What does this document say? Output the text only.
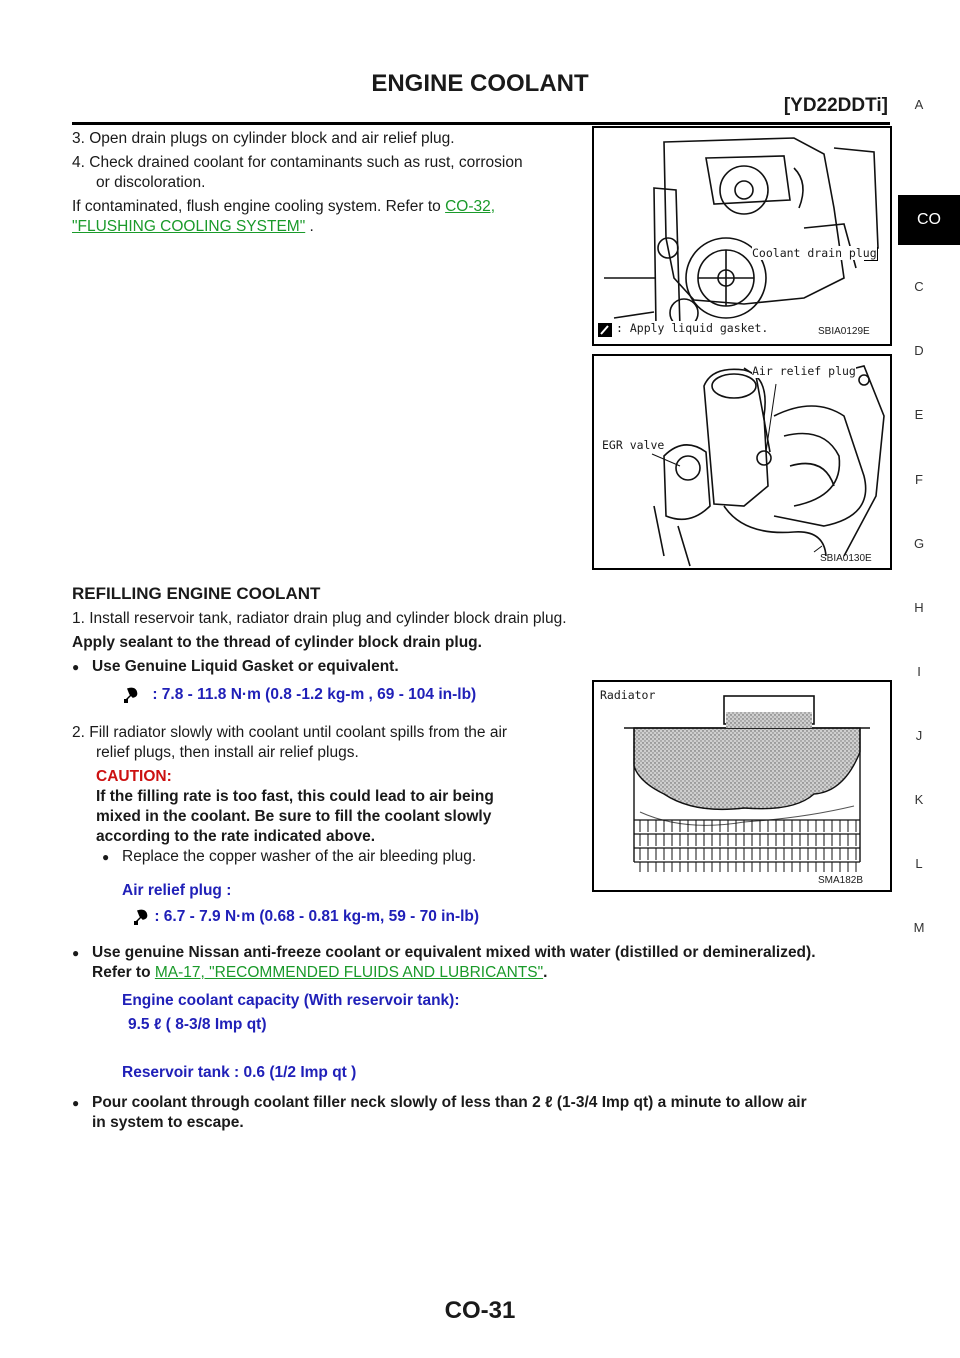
ENGINE COOLANT
[YD22DDTi] A
CO
C
D
E
F
G
H
I
J
K
L
M
3. Open drain plugs on cylinder block and air relief plug.
4. Check drained coolant for contaminants such as rust, corrosion
or discoloration.
If contaminated, flush engine cooling system. Refer to CO-32,
"FLUSHING COOLING SYSTEM" .
Coolant drain plug
: Apply liquid gasket.	SBIA0129E
Air relief plug
EGR valve
SBIA0130E
REFILLING ENGINE COOLANT
1. Install reservoir tank, radiator drain plug and cylinder block drain plug.
Apply sealant to the thread of cylinder block drain plug.
● Use Genuine Liquid Gasket or equivalent.
: 7.8 - 11.8 N·m (0.8 -1.2 kg-m , 69 - 104 in-lb)
2. Fill radiator slowly with coolant until coolant spills from the air
relief plugs, then install air relief plugs.
CAUTION:
If the filling rate is too fast, this could lead to air being
mixed in the coolant. Be sure to fill the coolant slowly
according to the rate indicated above.
● Replace the copper washer of the air bleeding plug.
Air relief plug :
: 6.7 - 7.9 N·m (0.68 - 0.81 kg-m, 59 - 70 in-lb)
Radiator
SMA182B
● Use genuine Nissan anti-freeze coolant or equivalent mixed with water (distilled or demineralized).
Refer to MA-17, "RECOMMENDED FLUIDS AND LUBRICANTS".
Engine coolant capacity (With reservoir tank):
9.5 ℓ ( 8-3/8 Imp qt)
Reservoir tank : 0.6 (1/2 Imp qt )
● Pour coolant through coolant filler neck slowly of less than 2 ℓ (1-3/4 Imp qt) a minute to allow air
in system to escape.
CO-31
